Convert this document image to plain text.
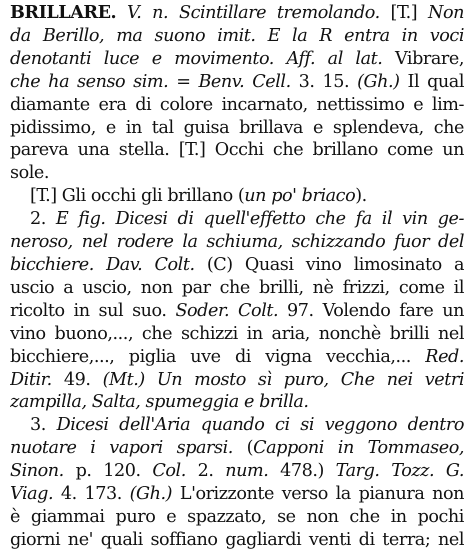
BRILLARE. V. n. Scintillare tremolando. [T.] Non
da Berillo, ma suono imit. E la R entra in voci
denotanti luce e movimento. Aff. al lat. Vibrare,
che ha senso sim. = Benv. Cell. 3. 15. (Gh.) Il qual
diamante era di colore incarnato, nettissimo e lim-
pidissimo, e in tal guisa brillava e splendeva, che
pareva una stella. [T.] Occhi che brillano come un
sole.
[T.] Gli occhi gli brillano (un po' briaco).
2. E fig. Dicesi di quell'effetto che fa il vin ge-
neroso, nel rodere la schiuma, schizzando fuor del
bicchiere. Dav. Colt. (C) Quasi vino limosinato a
uscio a uscio, non par che brilli, nè frizzi, come il
ricolto in sul suo. Soder. Colt. 97. Volendo fare un
vino buono,..., che schizzi in aria, nonchè brilli nel
bicchiere,..., piglia uve di vigna vecchia,... Red.
Ditir. 49. (Mt.) Un mosto sì puro, Che nei vetri
zampilla, Salta, spumeggia e brilla.
3. Dicesi dell'Aria quando ci si veggono dentro
nuotare i vapori sparsi. (Capponi in Tommaseo,
Sinon. p. 120. Col. 2. num. 478.) Targ. Tozz. G.
Viag. 4. 173. (Gh.) L'orizzonte verso la pianura non
è giammai puro e spazzato, se non che in pochi
giorni ne' quali soffiano gagliardi venti di terra; nel
